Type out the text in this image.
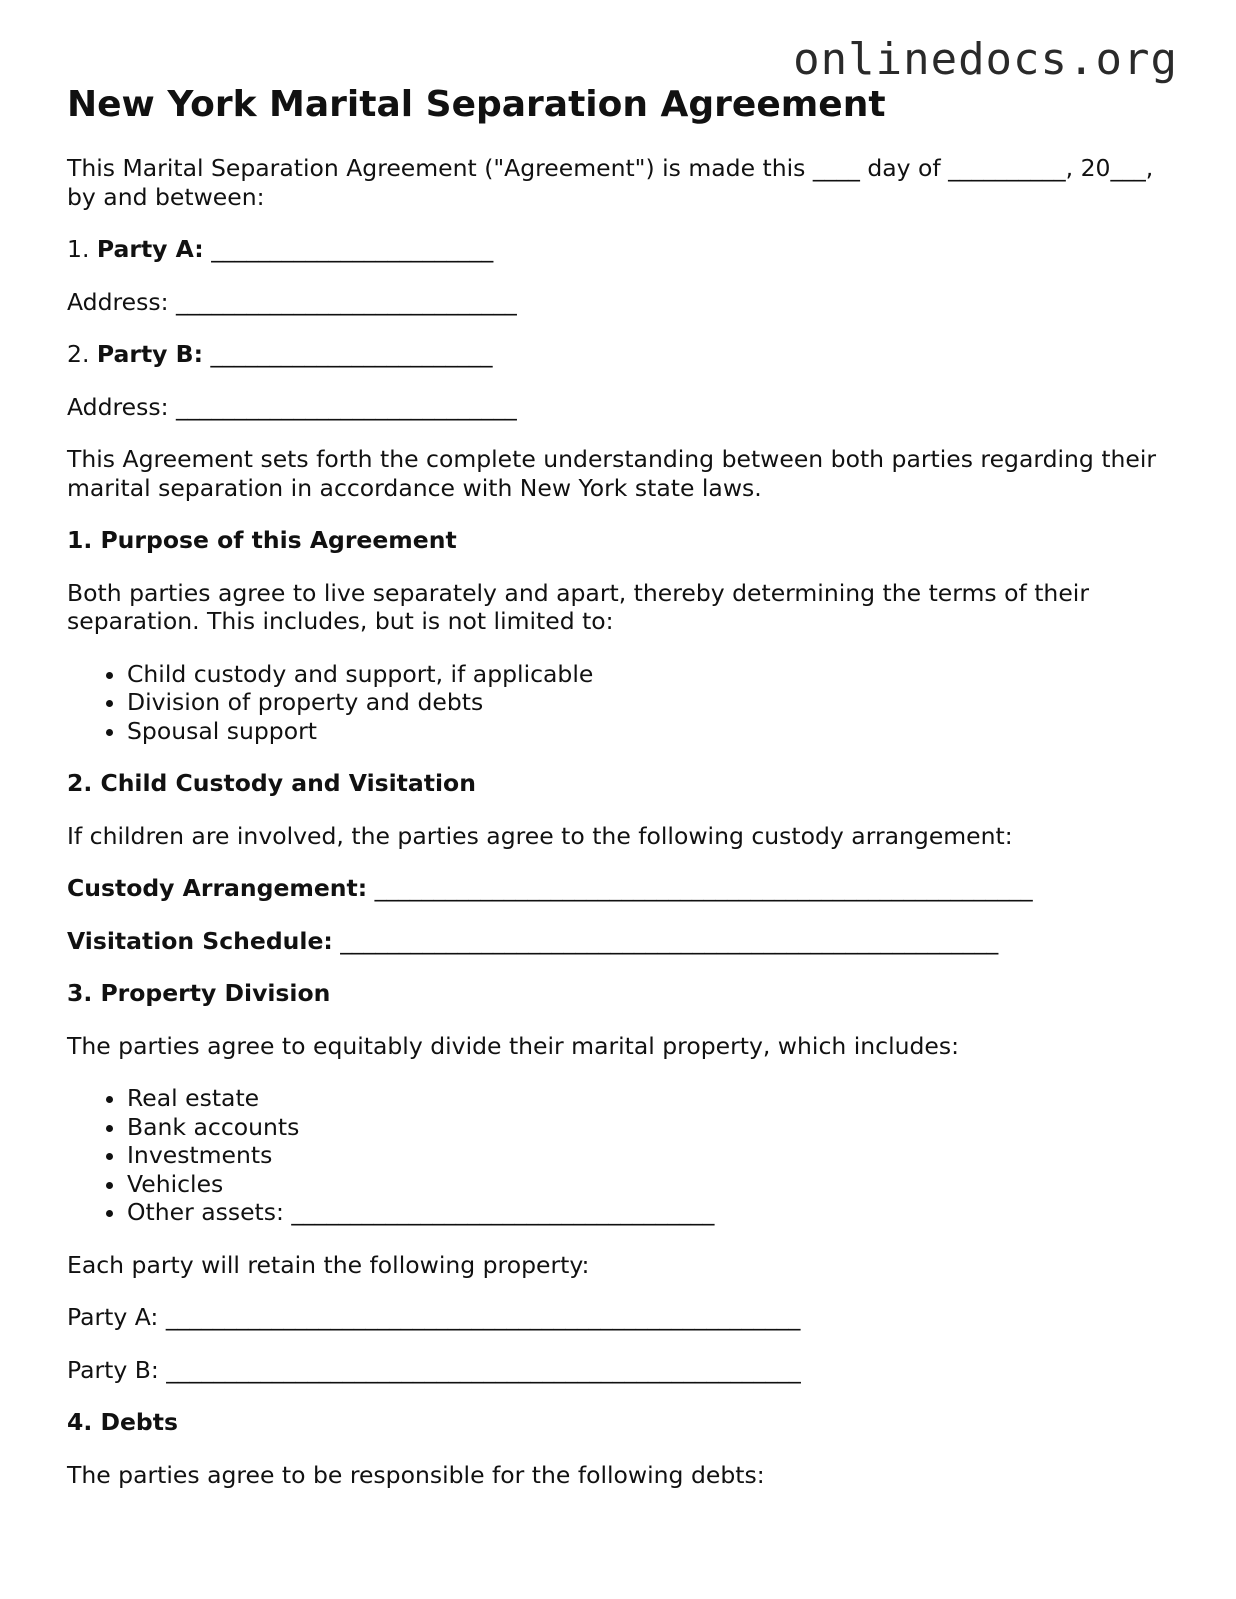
onlinedocs.org
New York Marital Separation Agreement

This Marital Separation Agreement ("Agreement") is made this ____ day of __________, 20___, by and between:

1. Party A: ________________________

Address: _____________________________

2. Party B: ________________________

Address: _____________________________

This Agreement sets forth the complete understanding between both parties regarding their marital separation in accordance with New York state laws.

1. Purpose of this Agreement

Both parties agree to live separately and apart, thereby determining the terms of their separation. This includes, but is not limited to:

• Child custody and support, if applicable
• Division of property and debts
• Spousal support
2. Child Custody and Visitation

If children are involved, the parties agree to the following custody arrangement:

Custody Arrangement: ________________________________________________________

Visitation Schedule: ________________________________________________________

3. Property Division

The parties agree to equitably divide their marital property, which includes:

• Real estate
• Bank accounts
• Investments
• Vehicles
• Other assets: ____________________________________

Each party will retain the following property:

Party A: ______________________________________________________

Party B: ______________________________________________________

4. Debts

The parties agree to be responsible for the following debts:
